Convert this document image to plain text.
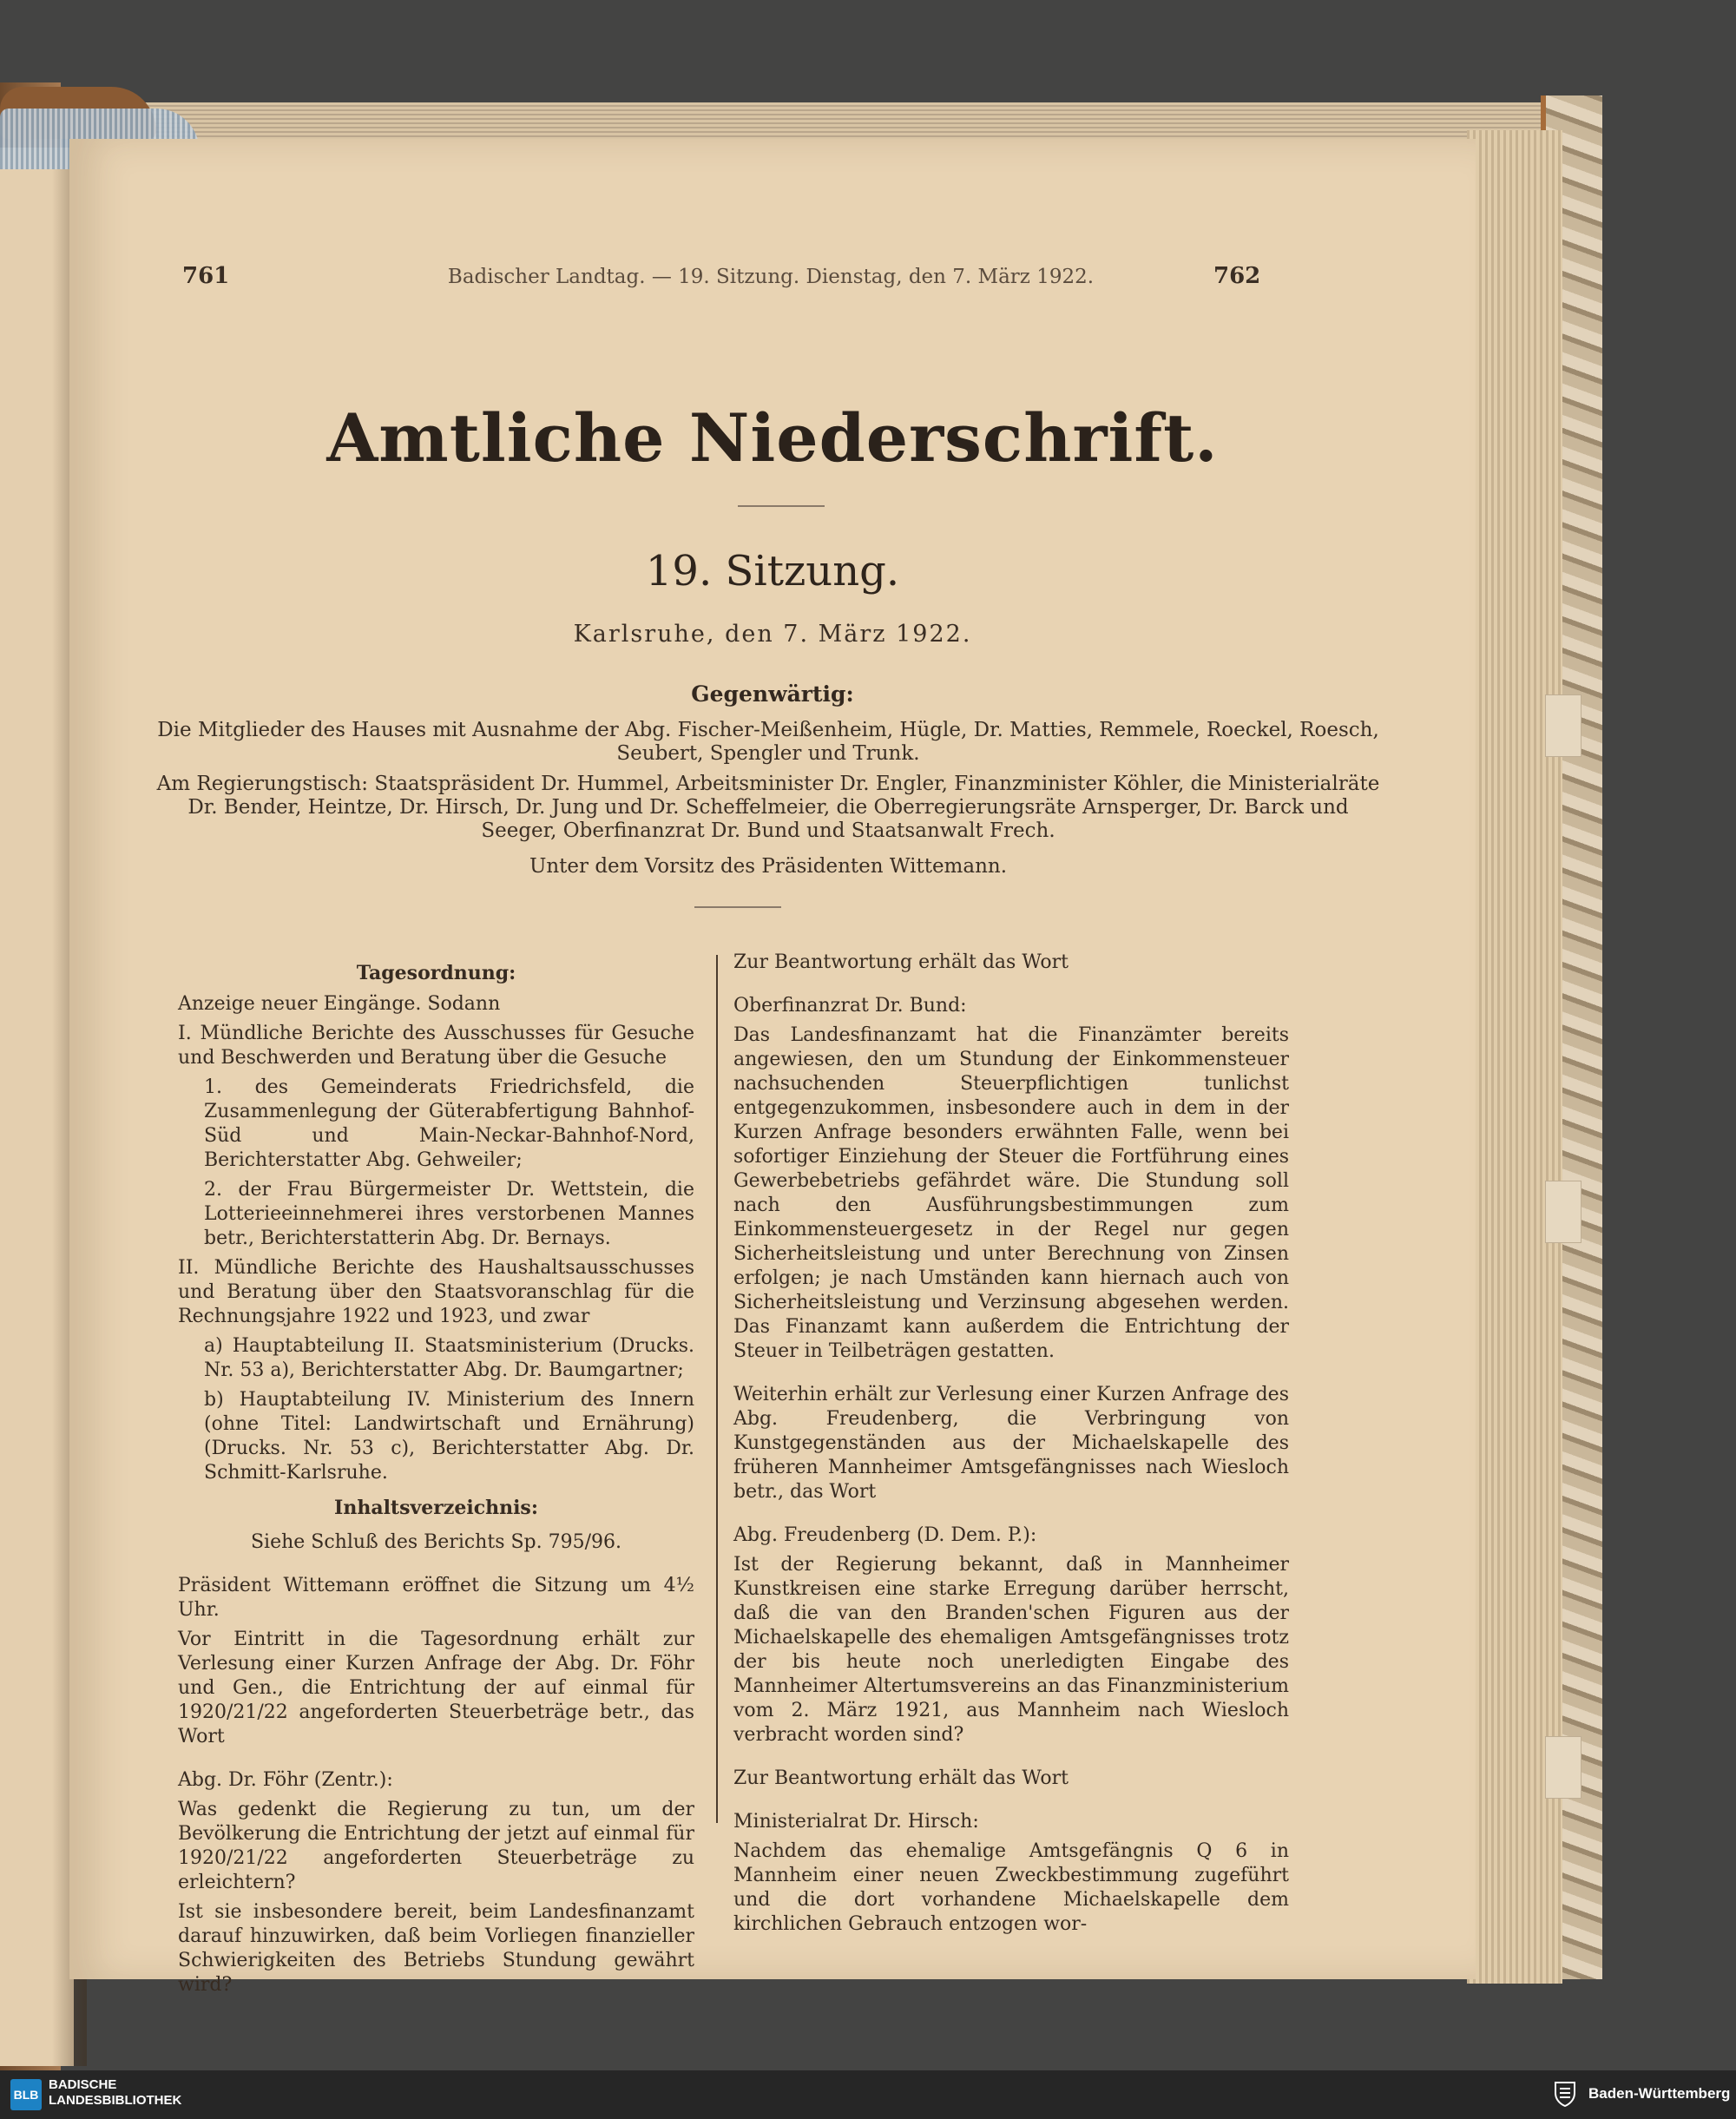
761	762
Badischer Landtag. — 19. Sitzung. Dienstag, den 7. März 1922.
Amtliche Niederschrift.
19. Sitzung.
Karlsruhe, den 7. März 1922.
Gegenwärtig:
Die Mitglieder des Hauses mit Ausnahme der Abg. Fischer-Meißenheim, Hügle, Dr. Matties, Remmele, Roeckel, Roesch, Seubert, Spengler und Trunk.
Am Regierungstisch: Staatspräsident Dr. Hummel, Arbeitsminister Dr. Engler, Finanzminister Köhler, die Ministerialräte Dr. Bender, Heintze, Dr. Hirsch, Dr. Jung und Dr. Scheffelmeier, die Oberregierungsräte Arnsperger, Dr. Barck und Seeger, Oberfinanzrat Dr. Bund und Staatsanwalt Frech.
Unter dem Vorsitz des Präsidenten Wittemann.

Tagesordnung:

Anzeige neuer Eingänge. Sodann

I. Mündliche Berichte des Ausschusses für Gesuche und Beschwerden und Beratung über die Gesuche

1. des Gemeinderats Friedrichsfeld, die Zusammenlegung der Güterabfertigung Bahnhof-Süd und Main-Neckar-Bahnhof-Nord, Berichterstatter Abg. Gehweiler;

2. der Frau Bürgermeister Dr. Wettstein, die Lotterieeinnehmerei ihres verstorbenen Mannes betr., Berichterstatterin Abg. Dr. Bernays.

II. Mündliche Berichte des Haushaltsausschusses und Beratung über den Staatsvoranschlag für die Rechnungsjahre 1922 und 1923, und zwar

a) Hauptabteilung II. Staatsministerium (Drucks. Nr. 53 a), Berichterstatter Abg. Dr. Baumgartner;

b) Hauptabteilung IV. Ministerium des Innern (ohne Titel: Landwirtschaft und Ernährung) (Drucks. Nr. 53 c), Berichterstatter Abg. Dr. Schmitt-Karlsruhe.

Inhaltsverzeichnis:

Siehe Schluß des Berichts Sp. 795/96.

Präsident Wittemann eröffnet die Sitzung um 4½ Uhr.

Vor Eintritt in die Tagesordnung erhält zur Verlesung einer Kurzen Anfrage der Abg. Dr. Föhr und Gen., die Entrichtung der auf einmal für 1920/21/22 angeforderten Steuerbeträge betr., das Wort

Abg. Dr. Föhr (Zentr.):

Was gedenkt die Regierung zu tun, um der Bevölkerung die Entrichtung der jetzt auf einmal für 1920/21/22 angeforderten Steuerbeträge zu erleichtern?

Ist sie insbesondere bereit, beim Landesfinanzamt darauf hinzuwirken, daß beim Vorliegen finanzieller Schwierigkeiten des Betriebs Stundung gewährt wird?

Zur Beantwortung erhält das Wort

Oberfinanzrat Dr. Bund:

Das Landesfinanzamt hat die Finanzämter bereits angewiesen, den um Stundung der Einkommensteuer nachsuchenden Steuerpflichtigen tunlichst entgegenzukommen, insbesondere auch in dem in der Kurzen Anfrage besonders erwähnten Falle, wenn bei sofortiger Einziehung der Steuer die Fortführung eines Gewerbebetriebs gefährdet wäre. Die Stundung soll nach den Ausführungsbestimmungen zum Einkommensteuergesetz in der Regel nur gegen Sicherheitsleistung und unter Berechnung von Zinsen erfolgen; je nach Umständen kann hiernach auch von Sicherheitsleistung und Verzinsung abgesehen werden. Das Finanzamt kann außerdem die Entrichtung der Steuer in Teilbeträgen gestatten.

Weiterhin erhält zur Verlesung einer Kurzen Anfrage des Abg. Freudenberg, die Verbringung von Kunstgegenständen aus der Michaelskapelle des früheren Mannheimer Amtsgefängnisses nach Wiesloch betr., das Wort

Abg. Freudenberg (D. Dem. P.):

Ist der Regierung bekannt, daß in Mannheimer Kunstkreisen eine starke Erregung darüber herrscht, daß die van den Branden'schen Figuren aus der Michaelskapelle des ehemaligen Amtsgefängnisses trotz der bis heute noch unerledigten Eingabe des Mannheimer Altertumsvereins an das Finanzministerium vom 2. März 1921, aus Mannheim nach Wiesloch verbracht worden sind?

Zur Beantwortung erhält das Wort

Ministerialrat Dr. Hirsch:

Nachdem das ehemalige Amtsgefängnis Q 6 in Mannheim einer neuen Zweckbestimmung zugeführt und die dort vorhandene Michaelskapelle dem kirchlichen Gebrauch entzogen wor-

BLB
BADISCHE
LANDESBIBLIOTHEK	Baden-Württemberg
